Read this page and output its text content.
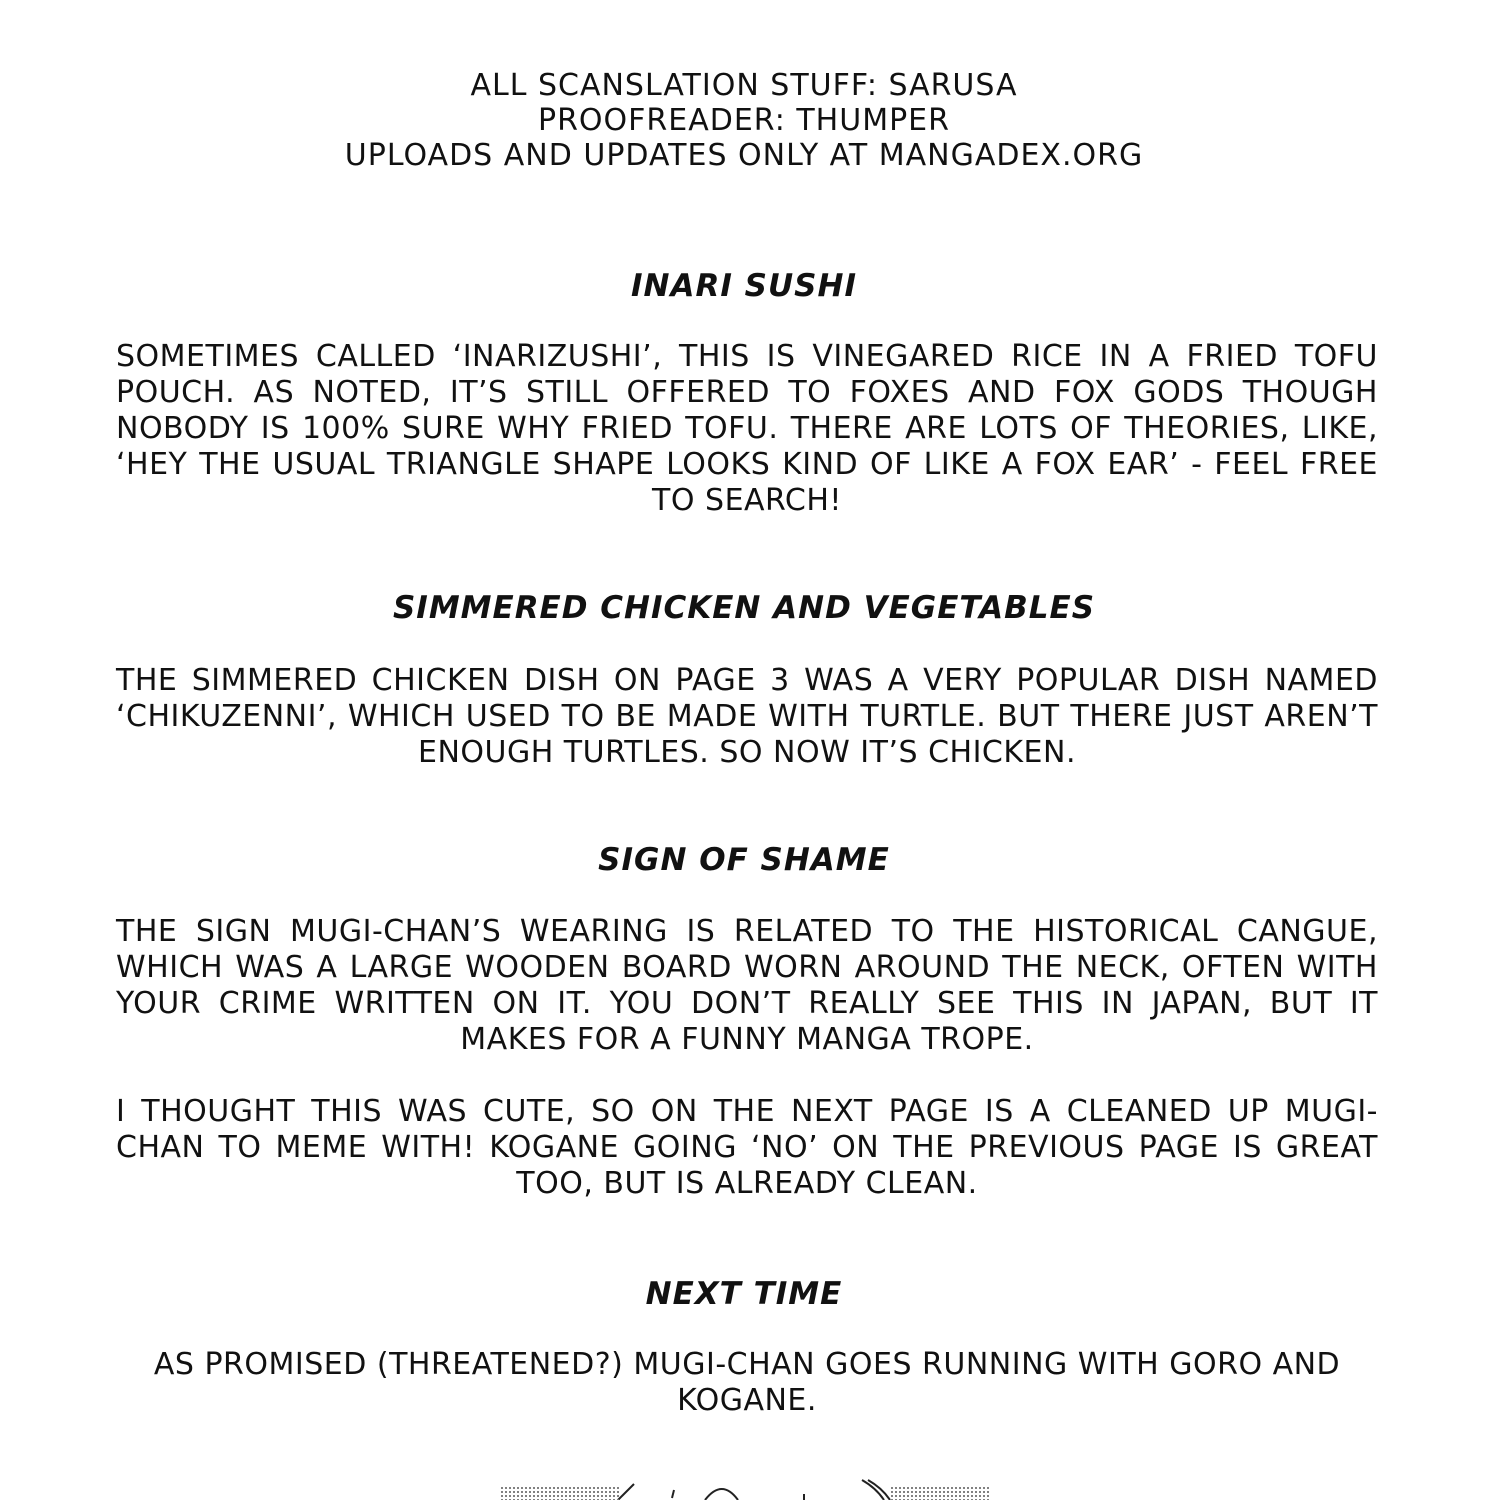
ALL SCANSLATION STUFF: SARUSA
PROOFREADER: THUMPER
UPLOADS AND UPDATES ONLY AT MANGADEX.ORG
INARI SUSHI
SOMETIMES CALLED ‘INARIZUSHI’, THIS IS VINEGARED RICE IN A FRIED TOFU POUCH. AS NOTED, IT’S STILL OFFERED TO FOXES AND FOX GODS THOUGH NOBODY IS 100% SURE WHY FRIED TOFU. THERE ARE LOTS OF THEORIES, LIKE, ‘HEY THE USUAL TRIANGLE SHAPE LOOKS KIND OF LIKE A FOX EAR’ - FEEL FREE TO SEARCH!
SIMMERED CHICKEN AND VEGETABLES
THE SIMMERED CHICKEN DISH ON PAGE 3 WAS A VERY POPULAR DISH NAMED ‘CHIKUZENNI’, WHICH USED TO BE MADE WITH TURTLE. BUT THERE JUST AREN’T ENOUGH TURTLES. SO NOW IT’S CHICKEN.
SIGN OF SHAME
THE SIGN MUGI-CHAN’S WEARING IS RELATED TO THE HISTORICAL CANGUE, WHICH WAS A LARGE WOODEN BOARD WORN AROUND THE NECK, OFTEN WITH YOUR CRIME WRITTEN ON IT. YOU DON’T REALLY SEE THIS IN JAPAN, BUT IT MAKES FOR A FUNNY MANGA TROPE.
I THOUGHT THIS WAS CUTE, SO ON THE NEXT PAGE IS A CLEANED UP MUGI-CHAN TO MEME WITH! KOGANE GOING ‘NO’ ON THE PREVIOUS PAGE IS GREAT TOO, BUT IS ALREADY CLEAN.
NEXT TIME
AS PROMISED (THREATENED?) MUGI-CHAN GOES RUNNING WITH GORO AND KOGANE.
